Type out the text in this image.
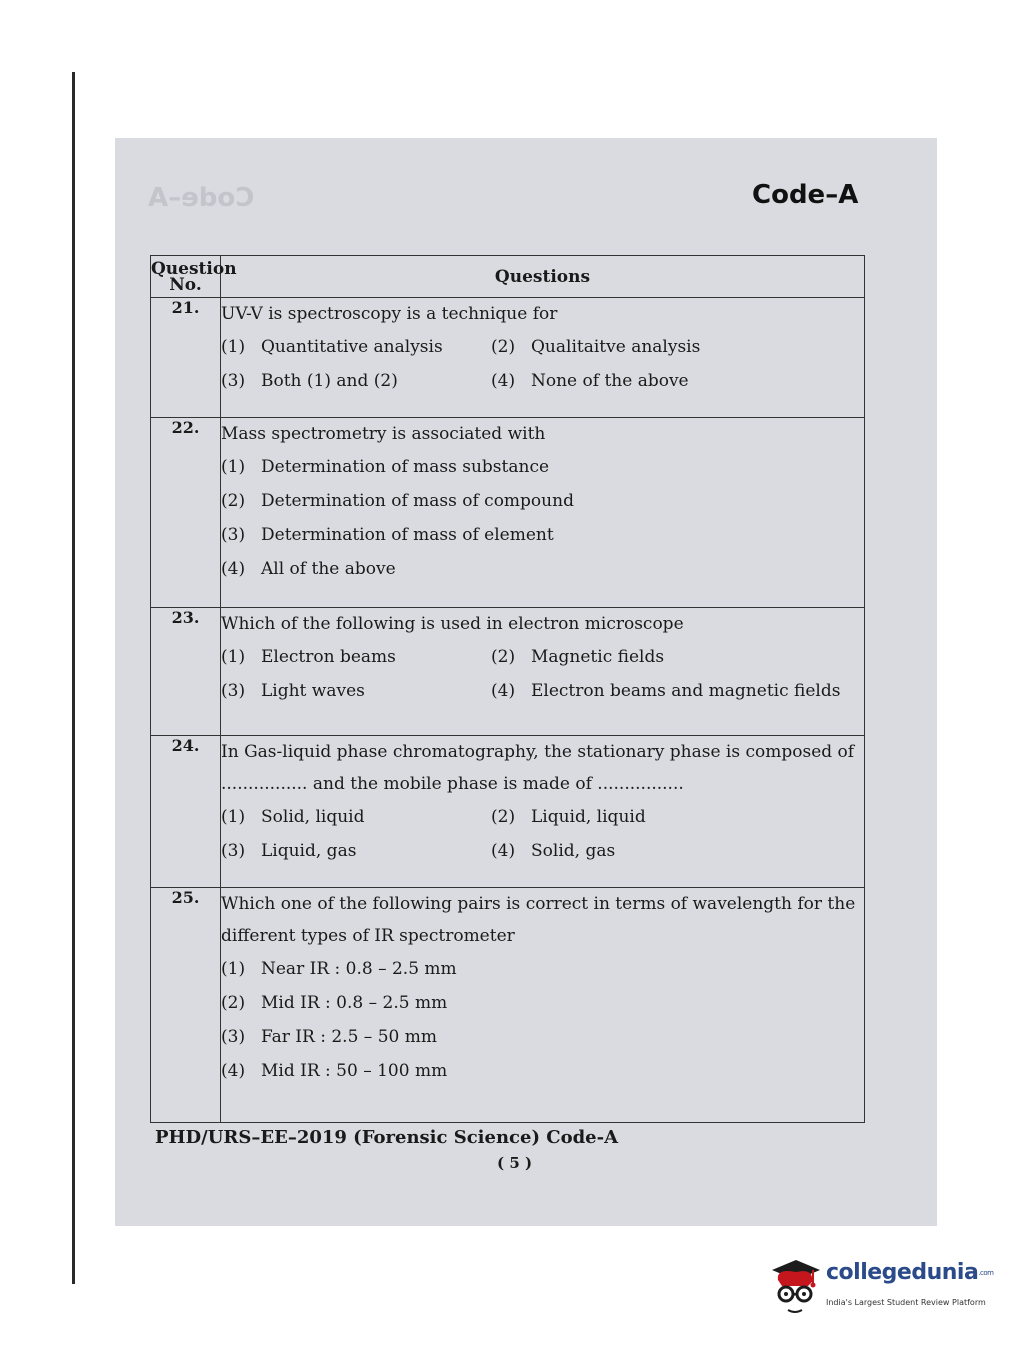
Code–A	Code–A
Question No.	Questions
21.	UV-V is spectroscopy is a technique for
(1) Quantitative analysis (2) Qualitaitve analysis
(3) Both (1) and (2) (4) None of the above

22.	Mass spectrometry is associated with
(1) Determination of mass substance
(2) Determination of mass of compound
(3) Determination of mass of element
(4) All of the above

23.	Which of the following is used in electron microscope
(1) Electron beams (2) Magnetic fields
(3) Light waves (4) Electron beams and magnetic fields

24.	In Gas-liquid phase chromatography, the stationary phase is composed of ................ and the mobile phase is made of ................
(1) Solid, liquid (2) Liquid, liquid
(3) Liquid, gas (4) Solid, gas

25.	Which one of the following pairs is correct in terms of wavelength for the different types of IR spectrometer
(1) Near IR : 0.8 – 2.5 mm
(2) Mid IR : 0.8 – 2.5 mm
(3) Far IR : 2.5 – 50 mm
(4) Mid IR : 50 – 100 mm
PHD/URS–EE–2019 (Forensic Science) Code-A
( 5 )
collegedunia.com
India's Largest Student Review Platform
